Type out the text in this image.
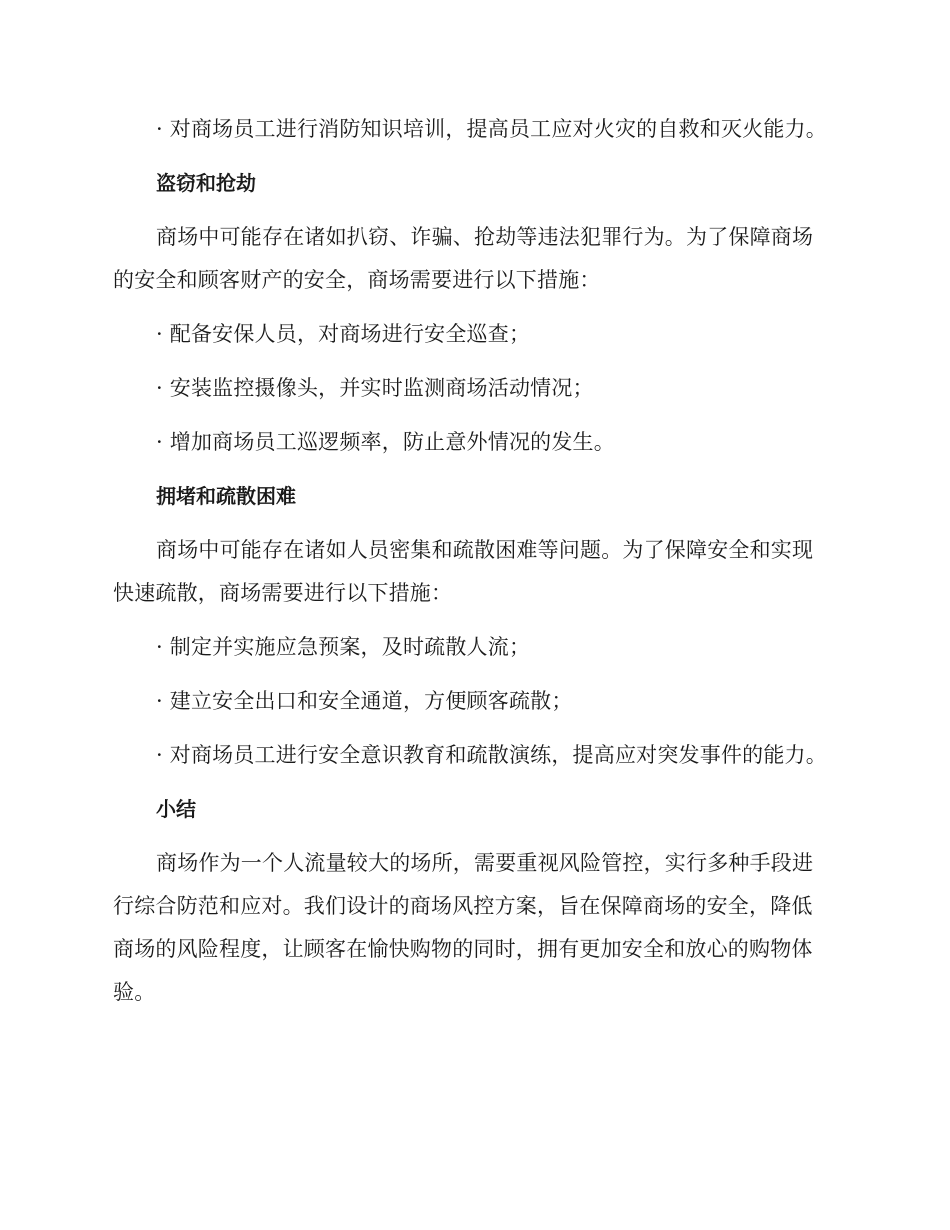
· 对商场员工进行消防知识培训，提高员工应对火灾的自救和灭火能力。

盗窃和抢劫

商场中可能存在诸如扒窃、诈骗、抢劫等违法犯罪行为。为了保障商场的安全和顾客财产的安全，商场需要进行以下措施：

· 配备安保人员，对商场进行安全巡查；

· 安装监控摄像头，并实时监测商场活动情况；

· 增加商场员工巡逻频率，防止意外情况的发生。

拥堵和疏散困难

商场中可能存在诸如人员密集和疏散困难等问题。为了保障安全和实现快速疏散，商场需要进行以下措施：

· 制定并实施应急预案，及时疏散人流；

· 建立安全出口和安全通道，方便顾客疏散；

· 对商场员工进行安全意识教育和疏散演练，提高应对突发事件的能力。

小结

商场作为一个人流量较大的场所，需要重视风险管控，实行多种手段进行综合防范和应对。我们设计的商场风控方案，旨在保障商场的安全，降低商场的风险程度，让顾客在愉快购物的同时，拥有更加安全和放心的购物体验。
